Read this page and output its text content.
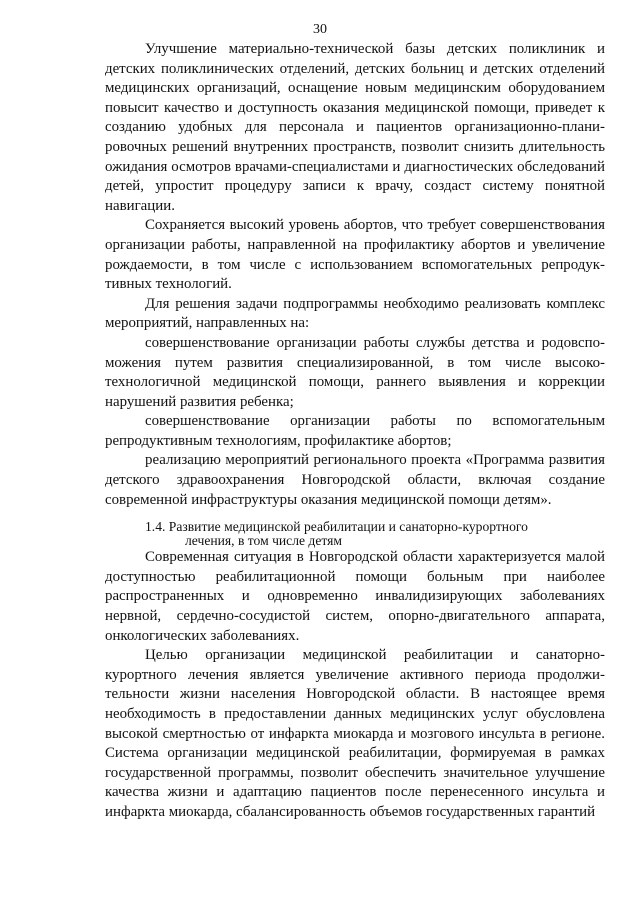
30

Улучшение материально-технической базы детских поликлиник и детских поликлинических отделений, детских больниц и детских отделений медицинских организаций, оснащение новым медицинским оборудованием повысит качество и доступность оказания медицинской помощи, приведет к созданию удобных для персонала и пациентов организационно-планировочных решений внутренних пространств, позволит снизить длительность ожидания осмотров врачами-специалистами и диагностических обследований детей, упростит процедуру записи к врачу, создаст систему понятной навигации.

Сохраняется высокий уровень абортов, что требует совершенствования организации работы, направленной на профилактику абортов и увеличение рождаемости, в том числе с использованием вспомогательных репродуктивных технологий.

Для решения задачи подпрограммы необходимо реализовать комплекс мероприятий, направленных на:

совершенствование организации работы службы детства и родовспоможения путем развития специализированной, в том числе высокотехнологичной медицинской помощи, раннего выявления и коррекции нарушений развития ребенка;

совершенствование организации работы по вспомогательным репродуктивным технологиям, профилактике абортов;

реализацию мероприятий регионального проекта «Программа развития детского здравоохранения Новгородской области, включая создание современной инфраструктуры оказания медицинской помощи детям».

1.4. Развитие медицинской реабилитации и санаторно-курортного
лечения, в том числе детям

Современная ситуация в Новгородской области характеризуется малой доступностью реабилитационной помощи больным при наиболее распространенных и одновременно инвалидизирующих заболеваниях нервной, сердечно-сосудистой систем, опорно-двигательного аппарата, онкологических заболеваниях.

Целью организации медицинской реабилитации и санаторно-курортного лечения является увеличение активного периода продолжительности жизни населения Новгородской области. В настоящее время необходимость в предоставлении данных медицинских услуг обусловлена высокой смертностью от инфаркта миокарда и мозгового инсульта в регионе. Система организации медицинской реабилитации, формируемая в рамках государственной программы, позволит обеспечить значительное улучшение качества жизни и адаптацию пациентов после перенесенного инсульта и инфаркта миокарда, сбалансированность объемов государственных гарантий
